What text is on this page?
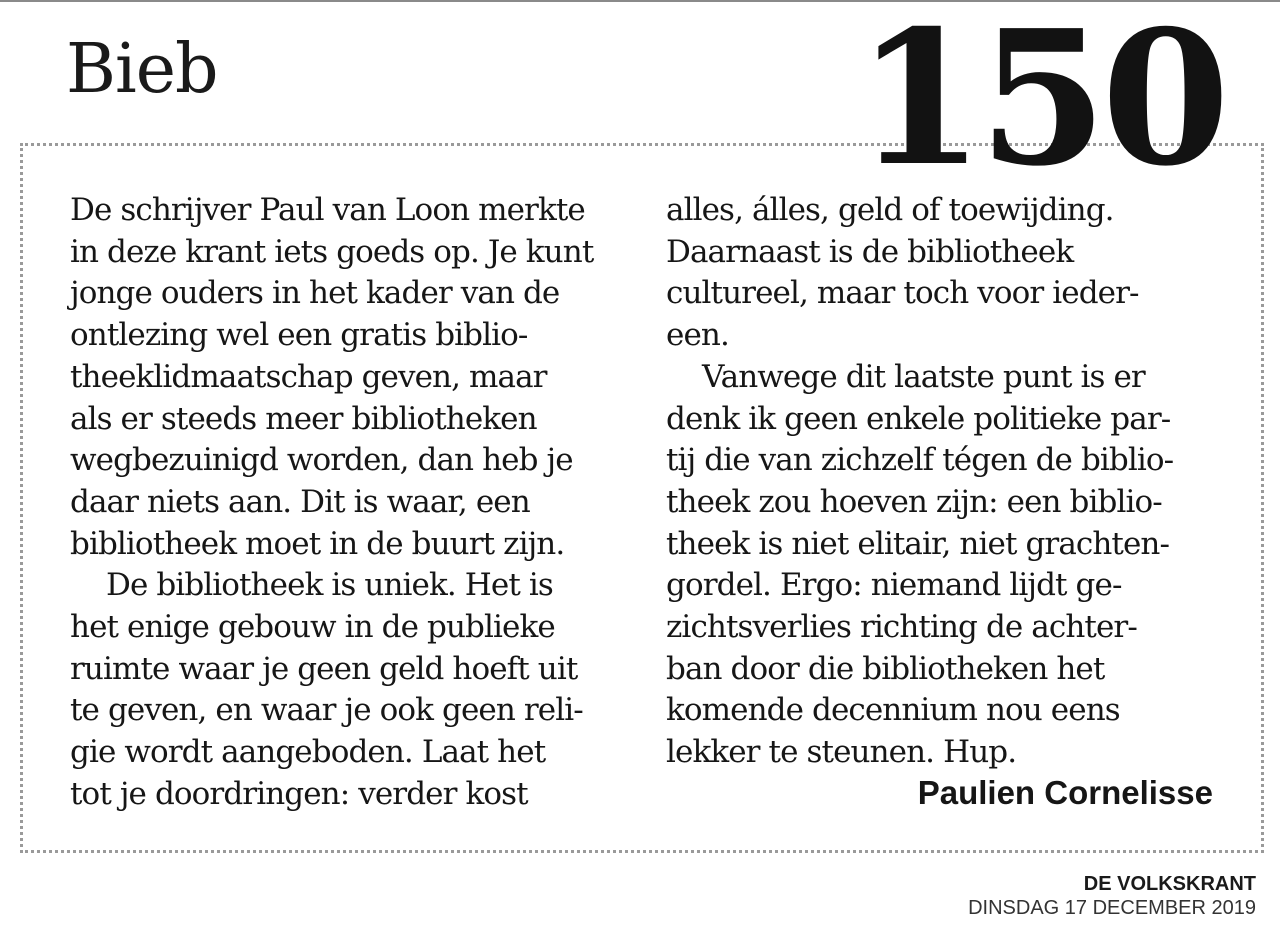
Bieb	150
De schrijver Paul van Loon merkte
in deze krant iets goeds op. Je kunt
jonge ouders in het kader van de
ontlezing wel een gratis biblio-
theeklidmaatschap geven, maar
als er steeds meer bibliotheken
wegbezuinigd worden, dan heb je
daar niets aan. Dit is waar, een
bibliotheek moet in de buurt zijn.
De bibliotheek is uniek. Het is
het enige gebouw in de publieke
ruimte waar je geen geld hoeft uit
te geven, en waar je ook geen reli-
gie wordt aangeboden. Laat het
tot je doordringen: verder kost
alles, álles, geld of toewijding.
Daarnaast is de bibliotheek
cultureel, maar toch voor ieder-
een.
Vanwege dit laatste punt is er
denk ik geen enkele politieke par-
tij die van zichzelf tégen de biblio-
theek zou hoeven zijn: een biblio-
theek is niet elitair, niet grachten-
gordel. Ergo: niemand lijdt ge-
zichtsverlies richting de achter-
ban door die bibliotheken het
komende decennium nou eens
lekker te steunen. Hup.
Paulien Cornelisse
DE VOLKSKRANT
DINSDAG 17 DECEMBER 2019
